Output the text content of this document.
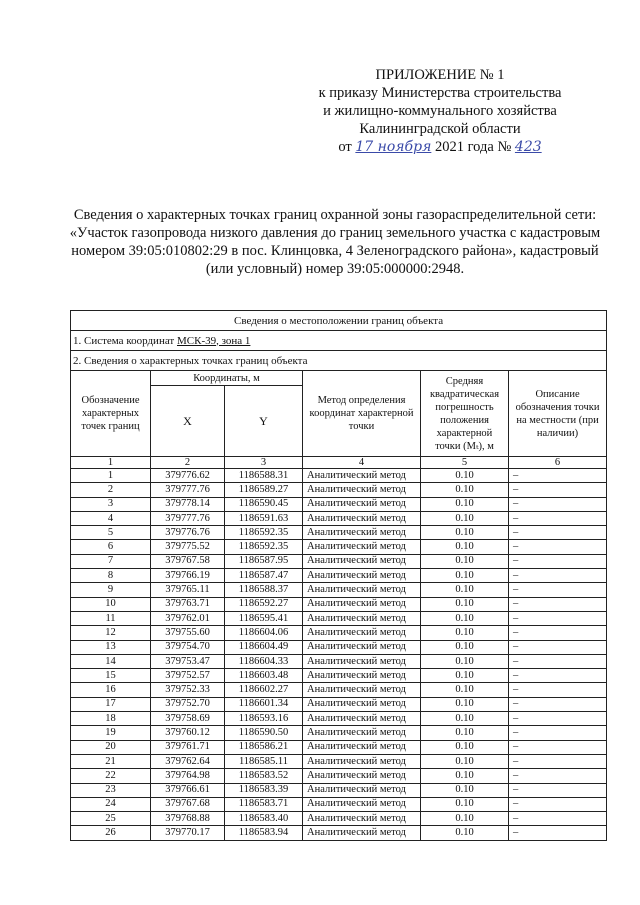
ПРИЛОЖЕНИЕ № 1
к приказу Министерства строительства
и жилищно-коммунального хозяйства
Калининградской области
от 17 ноября 2021 года № 423
Сведения о характерных точках границ охранной зоны газораспределительной сети: «Участок газопровода низкого давления до границ земельного участка с кадастровым номером 39:05:010802:29 в пос. Клинцовка, 4 Зеленоградского района», кадастровый (или условный) номер 39:05:000000:2948.
Сведения о местоположении границ объекта					
1. Система координат МСК-39, зона 1					
2. Сведения о характерных точках границ объекта					
Обозначение характерных точек границ	Координаты, м		Метод определения координат характерной точки	Средняя квадратическая погрешность положения характерной точки (Mₜ), м	Описание обозначения точки на местности (при наличии)
	X	Y			
1	2	3	4	5	6
1	379776.62	1186588.31	Аналитический метод	0.10	–
2	379777.76	1186589.27	Аналитический метод	0.10	–
3	379778.14	1186590.45	Аналитический метод	0.10	–
4	379777.76	1186591.63	Аналитический метод	0.10	–
5	379776.76	1186592.35	Аналитический метод	0.10	–
6	379775.52	1186592.35	Аналитический метод	0.10	–
7	379767.58	1186587.95	Аналитический метод	0.10	–
8	379766.19	1186587.47	Аналитический метод	0.10	–
9	379765.11	1186588.37	Аналитический метод	0.10	–
10	379763.71	1186592.27	Аналитический метод	0.10	–
11	379762.01	1186595.41	Аналитический метод	0.10	–
12	379755.60	1186604.06	Аналитический метод	0.10	–
13	379754.70	1186604.49	Аналитический метод	0.10	–
14	379753.47	1186604.33	Аналитический метод	0.10	–
15	379752.57	1186603.48	Аналитический метод	0.10	–
16	379752.33	1186602.27	Аналитический метод	0.10	–
17	379752.70	1186601.34	Аналитический метод	0.10	–
18	379758.69	1186593.16	Аналитический метод	0.10	–
19	379760.12	1186590.50	Аналитический метод	0.10	–
20	379761.71	1186586.21	Аналитический метод	0.10	–
21	379762.64	1186585.11	Аналитический метод	0.10	–
22	379764.98	1186583.52	Аналитический метод	0.10	–
23	379766.61	1186583.39	Аналитический метод	0.10	–
24	379767.68	1186583.71	Аналитический метод	0.10	–
25	379768.88	1186583.40	Аналитический метод	0.10	–
26	379770.17	1186583.94	Аналитический метод	0.10	–
